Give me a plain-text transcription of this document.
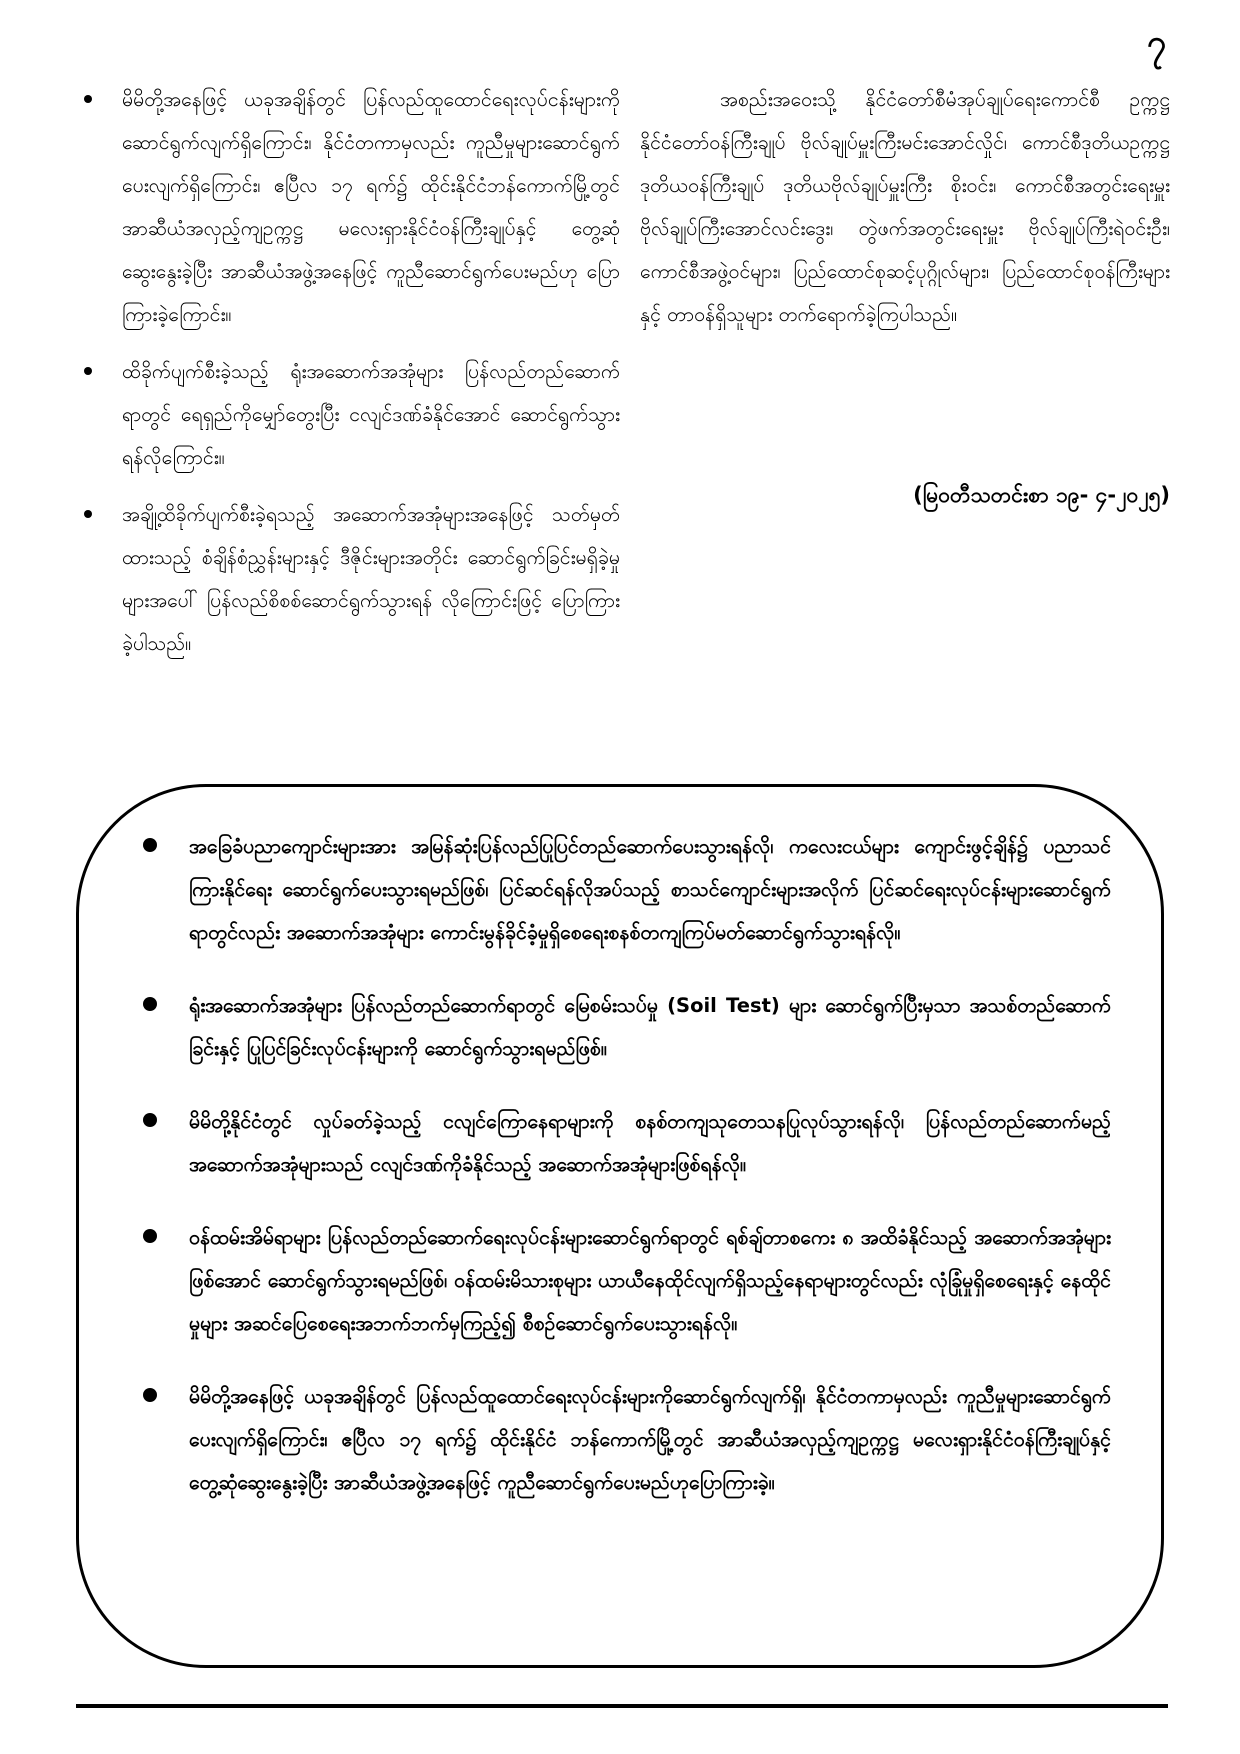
၇
မိမိတို့အနေဖြင့် ယခုအချိန်တွင် ပြန်လည်ထူထောင်ရေးလုပ်ငန်းများကို ဆောင်ရွက်လျက်ရှိကြောင်း၊ နိုင်ငံတကာမှလည်း ကူညီမှုများဆောင်ရွက်ပေးလျက်ရှိကြောင်း၊ ဧပြီလ ၁၇ ရက်၌ ထိုင်းနိုင်ငံဘန်ကောက်မြို့တွင် အာဆီယံအလှည့်ကျဥက္ကဋ္ဌ မလေးရှားနိုင်ငံဝန်ကြီးချုပ်နှင့် တွေ့ဆုံဆွေးနွေးခဲ့ပြီး အာဆီယံအဖွဲ့အနေဖြင့် ကူညီဆောင်ရွက်ပေးမည်ဟု ပြောကြားခဲ့ကြောင်း။
ထိခိုက်ပျက်စီးခဲ့သည့် ရုံးအဆောက်အအုံများ ပြန်လည်တည်ဆောက်ရာတွင် ရေရှည်ကိုမျှော်တွေးပြီး ငလျင်ဒဏ်ခံနိုင်အောင် ဆောင်ရွက်သွားရန်လိုကြောင်း။
အချို့ထိခိုက်ပျက်စီးခဲ့ရသည့် အဆောက်အအုံများအနေဖြင့် သတ်မှတ်ထားသည့် စံချိန်စံညွှန်းများနှင့် ဒီဇိုင်းများအတိုင်း ဆောင်ရွက်ခြင်းမရှိခဲ့မှုများအပေါ် ပြန်လည်စိစစ်ဆောင်ရွက်သွားရန် လိုကြောင်းဖြင့် ပြောကြားခဲ့ပါသည်။

အစည်းအဝေးသို့ နိုင်ငံတော်စီမံအုပ်ချုပ်ရေးကောင်စီ ဥက္ကဋ္ဌ နိုင်ငံတော်ဝန်ကြီးချုပ် ဗိုလ်ချုပ်မှူးကြီးမင်းအောင်လှိုင်၊ ကောင်စီဒုတိယဥက္ကဋ္ဌ ဒုတိယဝန်ကြီးချုပ် ဒုတိယဗိုလ်ချုပ်မှူးကြီး စိုးဝင်း၊ ကောင်စီအတွင်းရေးမှူး ဗိုလ်ချုပ်ကြီးအောင်လင်းဒွေး၊ တွဲဖက်အတွင်းရေးမှူး ဗိုလ်ချုပ်ကြီးရဲဝင်းဦး၊ ကောင်စီအဖွဲ့ဝင်များ၊ ပြည်ထောင်စုဆင့်ပုဂ္ဂိုလ်များ၊ ပြည်ထောင်စုဝန်ကြီးများနှင့် တာဝန်ရှိသူများ တက်ရောက်ခဲ့ကြပါသည်။

(မြဝတီသတင်းစာ ၁၉- ၄-၂၀၂၅)
အခြေခံပညာကျောင်းများအား အမြန်ဆုံးပြန်လည်ပြုပြင်တည်ဆောက်ပေးသွားရန်လို၊ ကလေးငယ်များ ကျောင်းဖွင့်ချိန်၌ ပညာသင်ကြားနိုင်ရေး ဆောင်ရွက်ပေးသွားရမည်ဖြစ်၊ ပြင်ဆင်ရန်လိုအပ်သည့် စာသင်ကျောင်းများအလိုက် ပြင်ဆင်ရေးလုပ်ငန်းများဆောင်ရွက်ရာတွင်လည်း အဆောက်အအုံများ ကောင်းမွန်ခိုင်ခံ့မှုရှိစေရေးစနစ်တကျကြပ်မတ်ဆောင်ရွက်သွားရန်လို။
ရုံးအဆောက်အအုံများ ပြန်လည်တည်ဆောက်ရာတွင် မြေစမ်းသပ်မှု (Soil Test) များ ဆောင်ရွက်ပြီးမှသာ အသစ်တည်ဆောက်ခြင်းနှင့် ပြုပြင်ခြင်းလုပ်ငန်းများကို ဆောင်ရွက်သွားရမည်ဖြစ်။
မိမိတို့နိုင်ငံတွင် လှုပ်ခတ်ခဲ့သည့် ငလျင်ကြောနေရာများကို စနစ်တကျသုတေသနပြုလုပ်သွားရန်လို၊ ပြန်လည်တည်ဆောက်မည့် အဆောက်အအုံများသည် ငလျင်ဒဏ်ကိုခံနိုင်သည့် အဆောက်အအုံများဖြစ်ရန်လို။
ဝန်ထမ်းအိမ်ရာများ ပြန်လည်တည်ဆောက်ရေးလုပ်ငန်းများဆောင်ရွက်ရာတွင် ရစ်ချ်တာစကေး ၈ အထိခံနိုင်သည့် အဆောက်အအုံများဖြစ်အောင် ဆောင်ရွက်သွားရမည်ဖြစ်၊ ဝန်ထမ်းမိသားစုများ ယာယီနေထိုင်လျက်ရှိသည့်နေရာများတွင်လည်း လုံခြုံမှုရှိစေရေးနှင့် နေထိုင်မှုများ အဆင်ပြေစေရေးအဘက်ဘက်မှကြည့်၍ စီစဉ်ဆောင်ရွက်ပေးသွားရန်လို။
မိမိတို့အနေဖြင့် ယခုအချိန်တွင် ပြန်လည်ထူထောင်ရေးလုပ်ငန်းများကိုဆောင်ရွက်လျက်ရှိ၊ နိုင်ငံတကာမှလည်း ကူညီမှုများဆောင်ရွက်ပေးလျက်ရှိကြောင်း၊ ဧပြီလ ၁၇ ရက်၌ ထိုင်းနိုင်ငံ ဘန်ကောက်မြို့တွင် အာဆီယံအလှည့်ကျဥက္ကဋ္ဌ မလေးရှားနိုင်ငံဝန်ကြီးချုပ်နှင့် တွေ့ဆုံဆွေးနွေးခဲ့ပြီး အာဆီယံအဖွဲ့အနေဖြင့် ကူညီဆောင်ရွက်ပေးမည်ဟုပြောကြားခဲ့။
